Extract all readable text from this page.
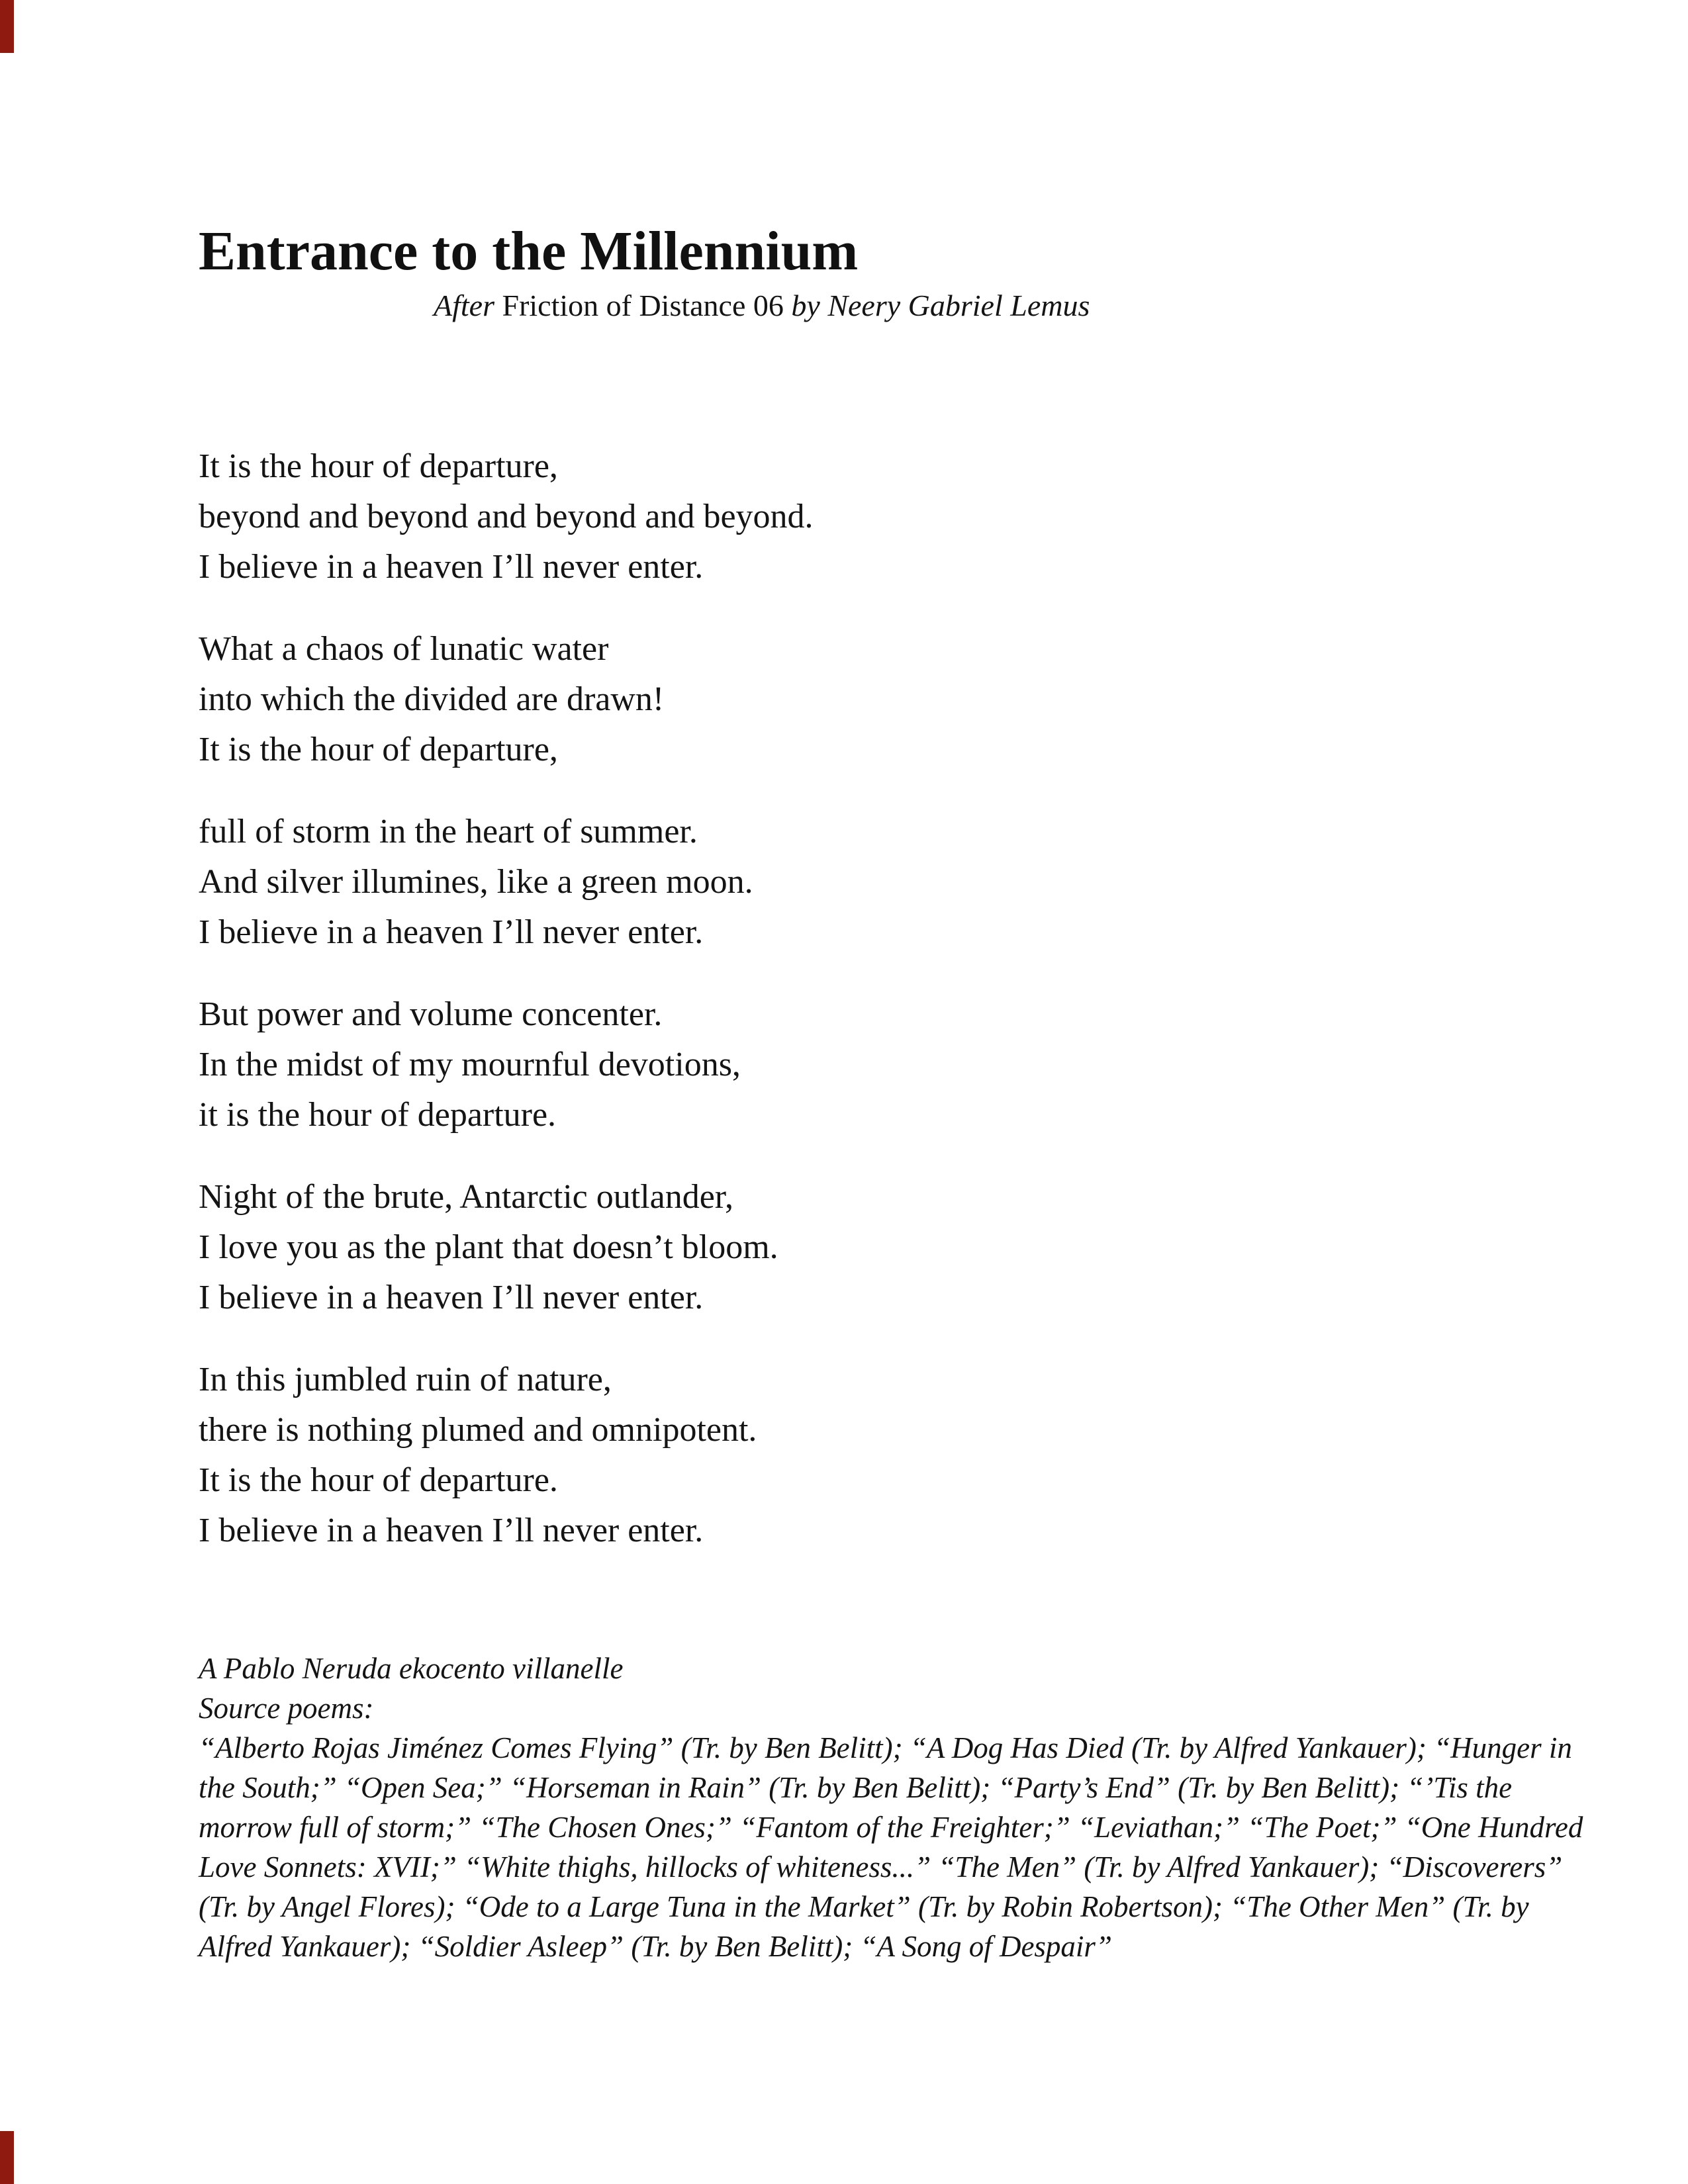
Entrance to the Millennium

After Friction of Distance 06 by Neery Gabriel Lemus

It is the hour of departure,
beyond and beyond and beyond and beyond.
I believe in a heaven I’ll never enter.
What a chaos of lunatic water
into which the divided are drawn!
It is the hour of departure,
full of storm in the heart of summer.
And silver illumines, like a green moon.
I believe in a heaven I’ll never enter.
But power and volume concenter.
In the midst of my mournful devotions,
it is the hour of departure.
Night of the brute, Antarctic outlander,
I love you as the plant that doesn’t bloom.
I believe in a heaven I’ll never enter.
In this jumbled ruin of nature,
there is nothing plumed and omnipotent.
It is the hour of departure.
I believe in a heaven I’ll never enter.

A Pablo Neruda ekocento villanelle

Source poems:

“Alberto Rojas Jiménez Comes Flying” (Tr. by Ben Belitt); “A Dog Has Died (Tr. by Alfred Yankauer); “Hunger in the South;” “Open Sea;” “Horseman in Rain” (Tr. by Ben Belitt); “Party’s End” (Tr. by Ben Belitt); “’Tis the morrow full of storm;” “The Chosen Ones;” “Fantom of the Freighter;” “Leviathan;” “The Poet;” “One Hundred Love Sonnets: XVII;” “White thighs, hillocks of whiteness...” “The Men” (Tr. by Alfred Yankauer); “Discoverers” (Tr. by Angel Flores); “Ode to a Large Tuna in the Market” (Tr. by Robin Robertson); “The Other Men” (Tr. by Alfred Yankauer); “Soldier Asleep” (Tr. by Ben Belitt); “A Song of Despair”
